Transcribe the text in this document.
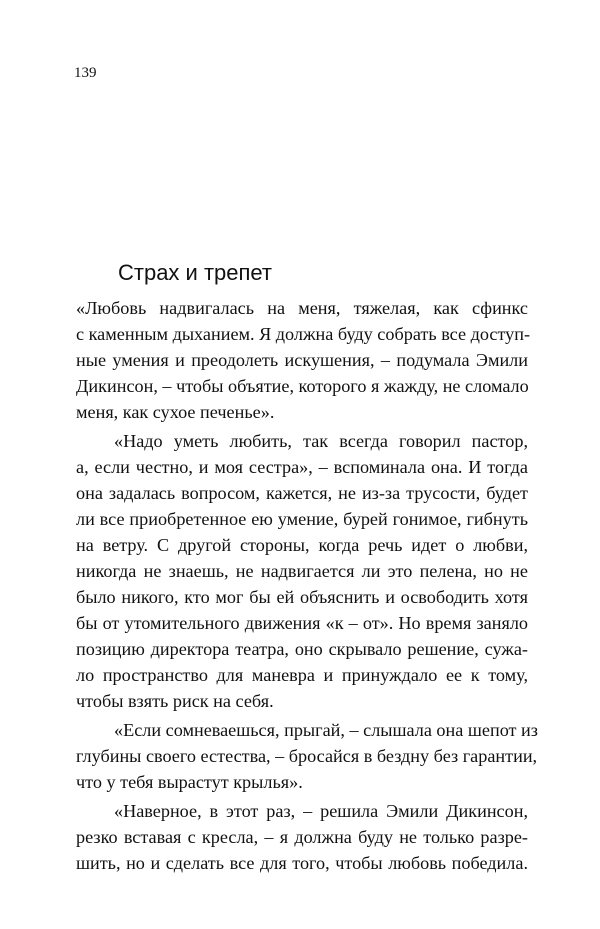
139
Страх и трепет

«Любовь надвигалась на меня, тяжелая, как сфинкс
с каменным дыханием. Я должна буду собрать все доступ-
ные умения и преодолеть искушения, – подумала Эмили
Дикинсон, – чтобы объятие, которого я жажду, не сломало
меня, как сухое печенье».

«Надо уметь любить, так всегда говорил пастор,
а, если честно, и моя сестра», – вспоминала она. И тогда
она задалась вопросом, кажется, не из-за трусости, будет
ли все приобретенное ею умение, бурей гонимое, гибнуть
на ветру. С другой стороны, когда речь идет о любви,
никогда не знаешь, не надвигается ли это пелена, но не
было никого, кто мог бы ей объяснить и освободить хотя
бы от утомительного движения «к – от». Но время заняло
позицию директора театра, оно скрывало решение, сужа-
ло пространство для маневра и принуждало ее к тому,
чтобы взять риск на себя.

«Если сомневаешься, прыгай, – слышала она шепот из
глубины своего естества, – бросайся в бездну без гарантии,
что у тебя вырастут крылья».

«Наверное, в этот раз, – решила Эмили Дикинсон,
резко вставая с кресла, – я должна буду не только разре-
шить, но и сделать все для того, чтобы любовь победила.
